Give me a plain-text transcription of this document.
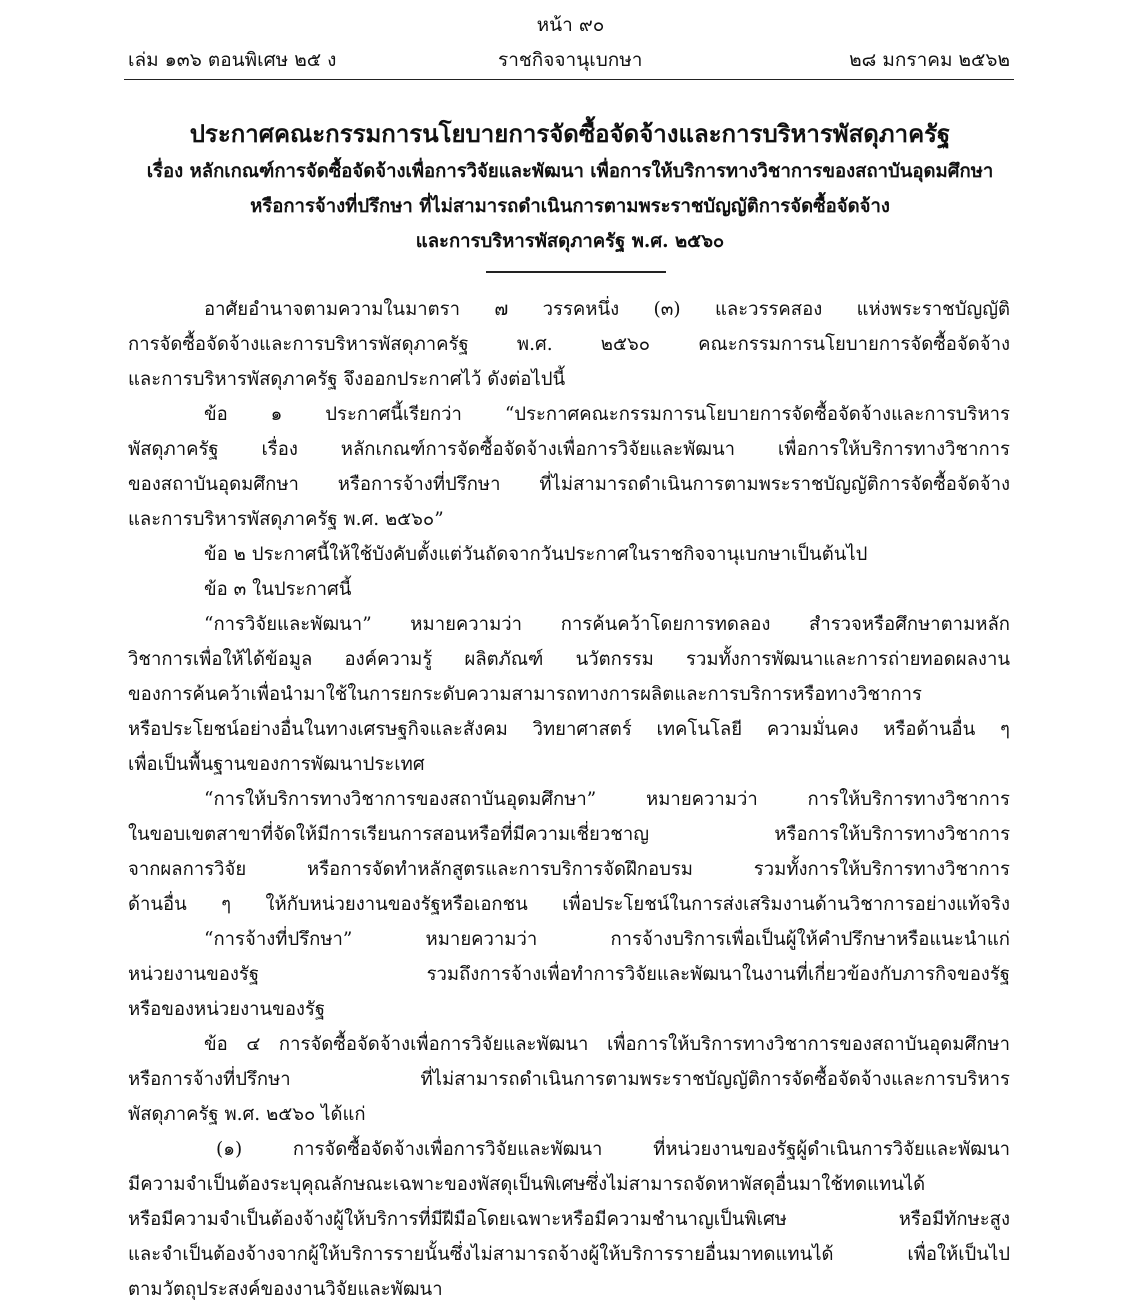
หน้า ๙๐
เล่ม ๑๓๖ ตอนพิเศษ ๒๕ ง	ราชกิจจานุเบกษา	๒๘ มกราคม ๒๕๖๒

ประกาศคณะกรรมการนโยบายการจัดซื้อจัดจ้างและการบริหารพัสดุภาครัฐ

เรื่อง หลักเกณฑ์การจัดซื้อจัดจ้างเพื่อการวิจัยและพัฒนา เพื่อการให้บริการทางวิชาการของสถาบันอุดมศึกษา

หรือการจ้างที่ปรึกษา ที่ไม่สามารถดำเนินการตามพระราชบัญญัติการจัดซื้อจัดจ้าง

และการบริหารพัสดุภาครัฐ พ.ศ. ๒๕๖๐

อาศัยอำนาจตามความในมาตรา ๗ วรรคหนึ่ง (๓) และวรรคสอง แห่งพระราชบัญญัติ
การจัดซื้อจัดจ้างและการบริหารพัสดุภาครัฐ พ.ศ. ๒๕๖๐ คณะกรรมการนโยบายการจัดซื้อจัดจ้าง
และการบริหารพัสดุภาครัฐ จึงออกประกาศไว้ ดังต่อไปนี้
ข้อ ๑ ประกาศนี้เรียกว่า “ประกาศคณะกรรมการนโยบายการจัดซื้อจัดจ้างและการบริหาร
พัสดุภาครัฐ เรื่อง หลักเกณฑ์การจัดซื้อจัดจ้างเพื่อการวิจัยและพัฒนา เพื่อการให้บริการทางวิชาการ
ของสถาบันอุดมศึกษา หรือการจ้างที่ปรึกษา ที่ไม่สามารถดำเนินการตามพระราชบัญญัติการจัดซื้อจัดจ้าง
และการบริหารพัสดุภาครัฐ พ.ศ. ๒๕๖๐”
ข้อ ๒ ประกาศนี้ให้ใช้บังคับตั้งแต่วันถัดจากวันประกาศในราชกิจจานุเบกษาเป็นต้นไป
ข้อ ๓ ในประกาศนี้
“การวิจัยและพัฒนา” หมายความว่า การค้นคว้าโดยการทดลอง สำรวจหรือศึกษาตามหลัก
วิชาการเพื่อให้ได้ข้อมูล องค์ความรู้ ผลิตภัณฑ์ นวัตกรรม รวมทั้งการพัฒนาและการถ่ายทอดผลงาน
ของการค้นคว้าเพื่อนำมาใช้ในการยกระดับความสามารถทางการผลิตและการบริการหรือทางวิชาการ
หรือประโยชน์อย่างอื่นในทางเศรษฐกิจและสังคม วิทยาศาสตร์ เทคโนโลยี ความมั่นคง หรือด้านอื่น ๆ
เพื่อเป็นพื้นฐานของการพัฒนาประเทศ
“การให้บริการทางวิชาการของสถาบันอุดมศึกษา” หมายความว่า การให้บริการทางวิชาการ
ในขอบเขตสาขาที่จัดให้มีการเรียนการสอนหรือที่มีความเชี่ยวชาญ หรือการให้บริการทางวิชาการ
จากผลการวิจัย หรือการจัดทำหลักสูตรและการบริการจัดฝึกอบรม รวมทั้งการให้บริการทางวิชาการ
ด้านอื่น ๆ ให้กับหน่วยงานของรัฐหรือเอกชน เพื่อประโยชน์ในการส่งเสริมงานด้านวิชาการอย่างแท้จริง
“การจ้างที่ปรึกษา” หมายความว่า การจ้างบริการเพื่อเป็นผู้ให้คำปรึกษาหรือแนะนำแก่
หน่วยงานของรัฐ รวมถึงการจ้างเพื่อทำการวิจัยและพัฒนาในงานที่เกี่ยวข้องกับภารกิจของรัฐ
หรือของหน่วยงานของรัฐ
ข้อ ๔ การจัดซื้อจัดจ้างเพื่อการวิจัยและพัฒนา เพื่อการให้บริการทางวิชาการของสถาบันอุดมศึกษา
หรือการจ้างที่ปรึกษา ที่ไม่สามารถดำเนินการตามพระราชบัญญัติการจัดซื้อจัดจ้างและการบริหาร
พัสดุภาครัฐ พ.ศ. ๒๕๖๐ ได้แก่
(๑) การจัดซื้อจัดจ้างเพื่อการวิจัยและพัฒนา ที่หน่วยงานของรัฐผู้ดำเนินการวิจัยและพัฒนา
มีความจำเป็นต้องระบุคุณลักษณะเฉพาะของพัสดุเป็นพิเศษซึ่งไม่สามารถจัดหาพัสดุอื่นมาใช้ทดแทนได้
หรือมีความจำเป็นต้องจ้างผู้ให้บริการที่มีฝีมือโดยเฉพาะหรือมีความชำนาญเป็นพิเศษ หรือมีทักษะสูง
และจำเป็นต้องจ้างจากผู้ให้บริการรายนั้นซึ่งไม่สามารถจ้างผู้ให้บริการรายอื่นมาทดแทนได้ เพื่อให้เป็นไป
ตามวัตถุประสงค์ของงานวิจัยและพัฒนา
